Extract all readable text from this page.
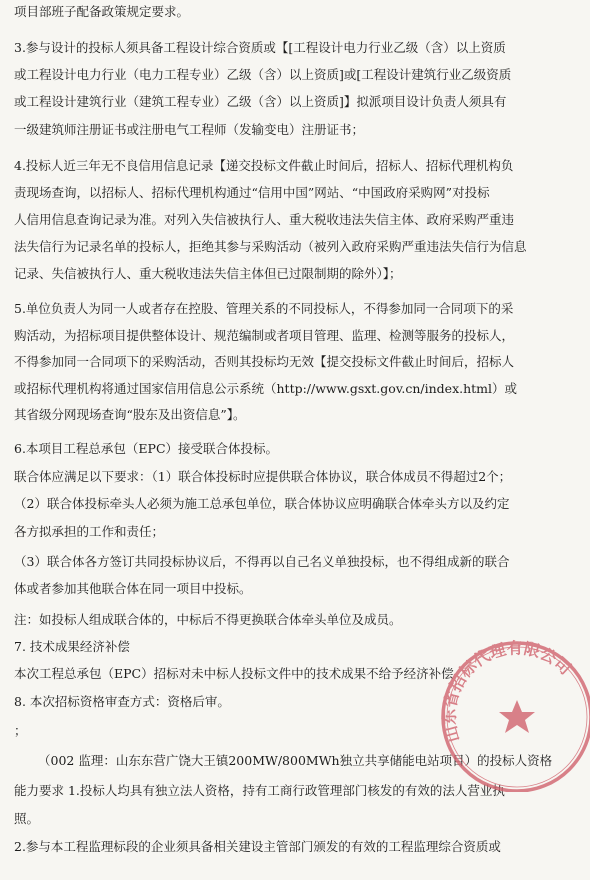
项目部班子配备政策规定要求。
3.参与设计的投标人须具备工程设计综合资质或【[工程设计电力行业乙级（含）以上资质
或工程设计电力行业（电力工程专业）乙级（含）以上资质]或[工程设计建筑行业乙级资质
或工程设计建筑行业（建筑工程专业）乙级（含）以上资质]】拟派项目设计负责人须具有
一级建筑师注册证书或注册电气工程师（发输变电）注册证书；
4.投标人近三年无不良信用信息记录【递交投标文件截止时间后，招标人、招标代理机构负
责现场查询，以招标人、招标代理机构通过“信用中国”网站、“中国政府采购网”对投标
人信用信息查询记录为准。对列入失信被执行人、重大税收违法失信主体、政府采购严重违
法失信行为记录名单的投标人，拒绝其参与采购活动（被列入政府采购严重违法失信行为信息
记录、失信被执行人、重大税收违法失信主体但已过限制期的除外）】；
5.单位负责人为同一人或者存在控股、管理关系的不同投标人，不得参加同一合同项下的采
购活动，为招标项目提供整体设计、规范编制或者项目管理、监理、检测等服务的投标人，
不得参加同一合同项下的采购活动，否则其投标均无效【提交投标文件截止时间后，招标人
或招标代理机构将通过国家信用信息公示系统（http://www.gsxt.gov.cn/index.html）或
其省级分网现场查询“股东及出资信息”】。
6.本项目工程总承包（EPC）接受联合体投标。
联合体应满足以下要求：（1）联合体投标时应提供联合体协议，联合体成员不得超过2个；
（2）联合体投标牵头人必须为施工总承包单位，联合体协议应明确联合体牵头方以及约定
各方拟承担的工作和责任；
（3）联合体各方签订共同投标协议后，不得再以自己名义单独投标，也不得组成新的联合
体或者参加其他联合体在同一项目中投标。
注：如投标人组成联合体的，中标后不得更换联合体牵头单位及成员。
7. 技术成果经济补偿
本次工程总承包（EPC）招标对未中标人投标文件中的技术成果不给予经济补偿
8. 本次招标资格审查方式：资格后审。
；
（002 监理：山东东营广饶大王镇200MW/800MWh独立共享储能电站项目）的投标人资格
能力要求 1.投标人均具有独立法人资格，持有工商行政管理部门核发的有效的法人营业执
照。
2.参与本工程监理标段的企业须具备相关建设主管部门颁发的有效的工程监理综合资质或
山东省招标代理有限公司
